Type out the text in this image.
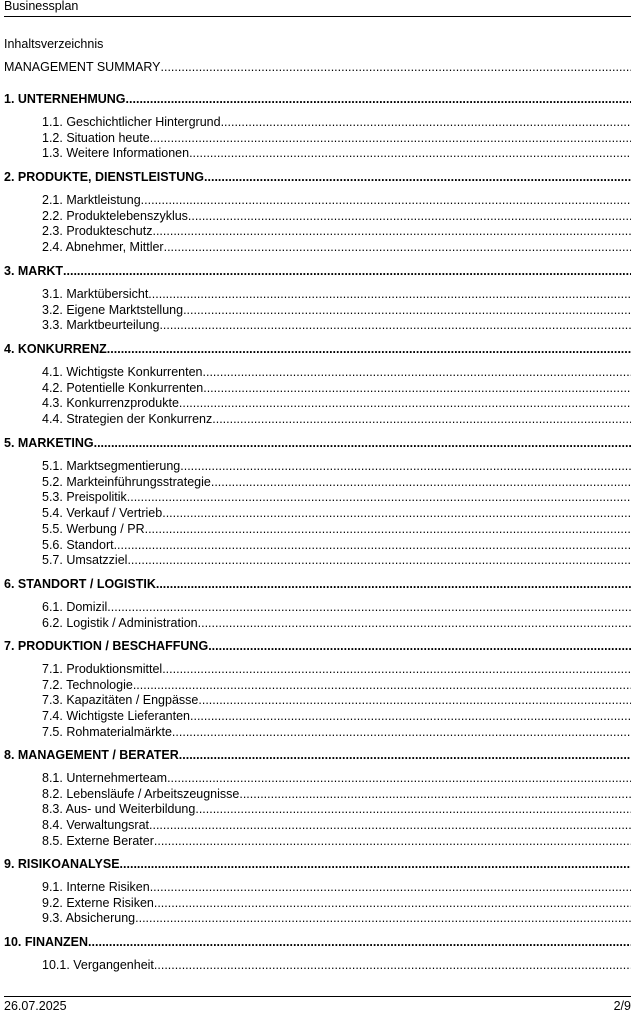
Businessplan
Inhaltsverzeichnis
MANAGEMENT SUMMARY
.....
1. UNTERNEHMUNG
.....
1.1. Geschichtlicher Hintergrund
.....
1.2. Situation heute
.....
1.3. Weitere Informationen
.....
2. PRODUKTE, DIENSTLEISTUNG
.....
2.1. Marktleistung
.....
2.2. Produktelebenszyklus
.....
2.3. Produkteschutz
.....
2.4. Abnehmer, Mittler
.....
3. MARKT
.....
3.1. Marktübersicht
.....
3.2. Eigene Marktstellung
.....
3.3. Marktbeurteilung
.....
4. KONKURRENZ
.....
4.1. Wichtigste Konkurrenten
.....
4.2. Potentielle Konkurrenten
.....
4.3. Konkurrenzprodukte
.....
4.4. Strategien der Konkurrenz
.....
5. MARKETING
.....
5.1. Marktsegmentierung
.....
5.2. Markteinführungsstrategie
.....
5.3. Preispolitik
.....
5.4. Verkauf / Vertrieb
.....
5.5. Werbung / PR
.....
5.6. Standort
.....
5.7. Umsatzziel
.....
6. STANDORT / LOGISTIK
.....
6.1. Domizil
.....
6.2. Logistik / Administration
.....
7. PRODUKTION / BESCHAFFUNG
.....
7.1. Produktionsmittel
.....
7.2. Technologie
.....
7.3. Kapazitäten / Engpässe
.....
7.4. Wichtigste Lieferanten
.....
7.5. Rohmaterialmärkte
.....
8. MANAGEMENT / BERATER
.....
8.1. Unternehmerteam
.....
8.2. Lebensläufe / Arbeitszeugnisse
.....
8.3. Aus- und Weiterbildung
.....
8.4. Verwaltungsrat
.....
8.5. Externe Berater
.....
9. RISIKOANALYSE
.....
9.1. Interne Risiken
.....
9.2. Externe Risiken
.....
9.3. Absicherung
.....
10. FINANZEN
.....
10.1. Vergangenheit
.....
26.07.2025	2/9
